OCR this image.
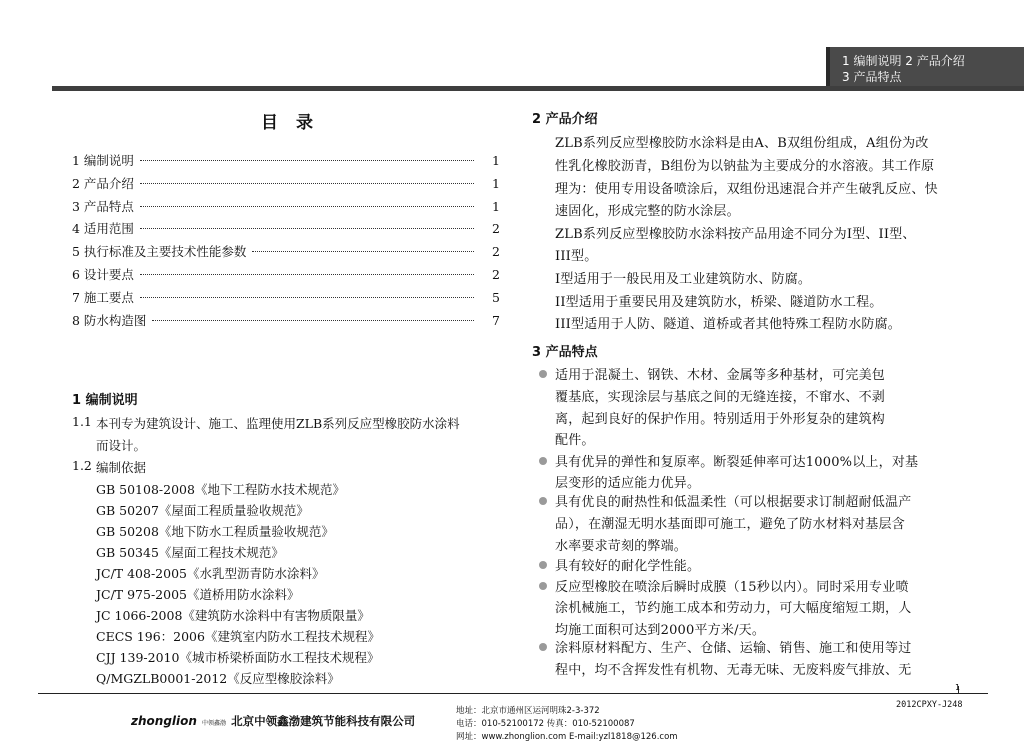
1 编制说明 2 产品介绍
3 产品特点
目 录
1 编制说明	1
2 产品介绍	1
3 产品特点	1
4 适用范围	2
5 执行标准及主要技术性能参数	2
6 设计要点	2
7 施工要点	5
8 防水构造图	7
1 编制说明
1.1 本刊专为建筑设计、施工、监理使用ZLB系列反应型橡胶防水涂料
而设计。
1.2 编制依据
GB 50108-2008《地下工程防水技术规范》
GB 50207《屋面工程质量验收规范》
GB 50208《地下防水工程质量验收规范》
GB 50345《屋面工程技术规范》
JC/T 408-2005《水乳型沥青防水涂料》
JC/T 975-2005《道桥用防水涂料》
JC 1066-2008《建筑防水涂料中有害物质限量》
CECS 196：2006《建筑室内防水工程技术规程》
CJJ 139-2010《城市桥梁桥面防水工程技术规程》
Q/MGZLB0001-2012《反应型橡胶涂料》
2 产品介绍
ZLB系列反应型橡胶防水涂料是由A、B双组份组成，A组份为改
性乳化橡胶沥青，B组份为以钠盐为主要成分的水溶液。其工作原
理为：使用专用设备喷涂后，双组份迅速混合并产生破乳反应、快
速固化，形成完整的防水涂层。
ZLB系列反应型橡胶防水涂料按产品用途不同分为I型、II型、
III型。
I型适用于一般民用及工业建筑防水、防腐。
II型适用于重要民用及建筑防水，桥梁、隧道防水工程。
III型适用于人防、隧道、道桥或者其他特殊工程防水防腐。
3 产品特点
适用于混凝土、钢铁、木材、金属等多种基材，可完美包
覆基底，实现涂层与基底之间的无缝连接，不窜水、不剥
离，起到良好的保护作用。特别适用于外形复杂的建筑构
配件。
具有优异的弹性和复原率。断裂延伸率可达1000%以上，对基
层变形的适应能力优异。
具有优良的耐热性和低温柔性（可以根据要求订制超耐低温产
品），在潮湿无明水基面即可施工，避免了防水材料对基层含
水率要求苛刻的弊端。
具有较好的耐化学性能。
反应型橡胶在喷涂后瞬时成膜（15秒以内）。同时采用专业喷
涂机械施工，节约施工成本和劳动力，可大幅度缩短工期，人
均施工面积可达到2000平方米/天。
涂料原材料配方、生产、仓储、运输、销售、施工和使用等过
程中，均不含挥发性有机物、无毒无味、无废料废气排放、无
1
2012CPXY-J248
zhonglion 中领鑫渤 北京中领鑫渤建筑节能科技有限公司
地址：北京市通州区运河明珠2-3-372
电话：010-52100172 传真：010-52100087
网址：www.zhonglion.com E-mail:yzl1818@126.com
